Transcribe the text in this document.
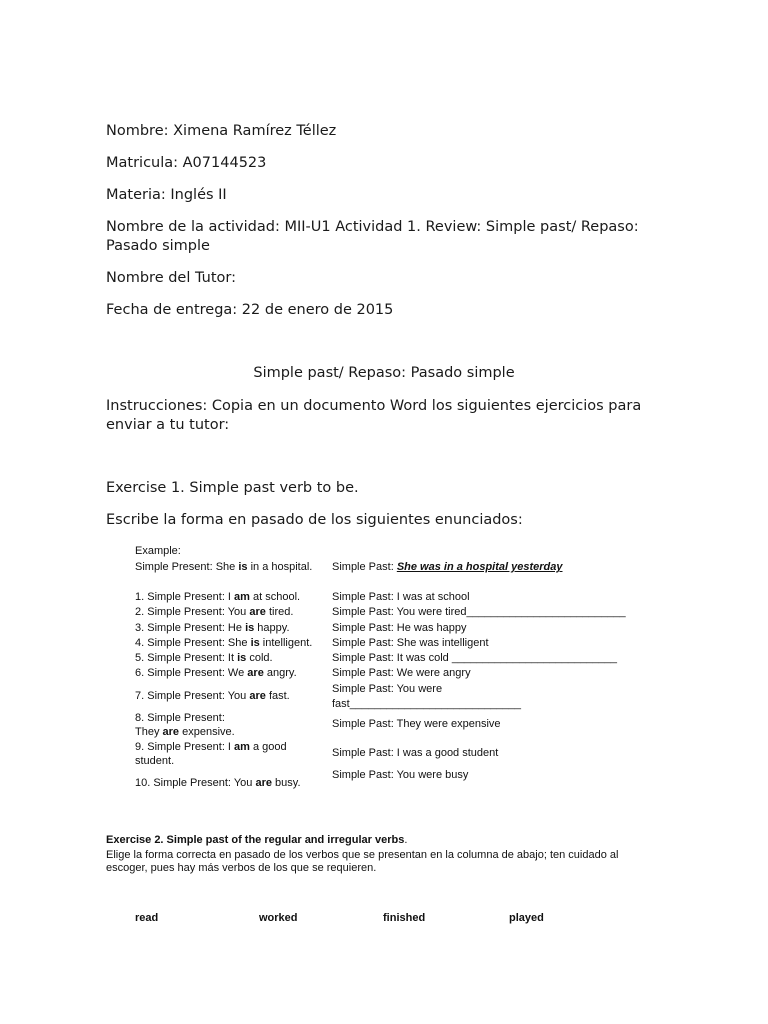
Nombre: Ximena Ramírez Téllez

Matricula: A07144523

Materia: Inglés II

Nombre de la actividad: MII-U1 Actividad 1. Review: Simple past/ Repaso:

Pasado simple

Nombre del Tutor:

Fecha de entrega: 22 de enero de 2015

Simple past/ Repaso: Pasado simple

Instrucciones: Copia en un documento Word los siguientes ejercicios para

enviar a tu tutor:

Exercise 1. Simple past verb to be.

Escribe la forma en pasado de los siguientes enunciados:

Example:
Simple Present: She is in a hospital. Simple Past: She was in a hospital yesterday
1. Simple Present: I am at school.	Simple Past: I was at school
2. Simple Present: You are tired.	Simple Past: You were tired__________________________
3. Simple Present: He is happy.	Simple Past: He was happy
4. Simple Present: She is intelligent. Simple Past: She was intelligent
5. Simple Present: It is cold.	Simple Past: It was cold ___________________________
6. Simple Present: We are angry.	Simple Past: We were angry
7. Simple Present: You are fast.
Simple Past: You were
fast____________________________
8. Simple Present:
They are expensive.
Simple Past: They were expensive
9. Simple Present: I am a good
student.
Simple Past: I was a good student
10. Simple Present: You are busy.
Simple Past: You were busy
Exercise 2. Simple past of the regular and irregular verbs.
Elige la forma correcta en pasado de los verbos que se presentan en la columna de abajo; ten cuidado al
escoger, pues hay más verbos de los que se requieren.
read	worked	finished	played
